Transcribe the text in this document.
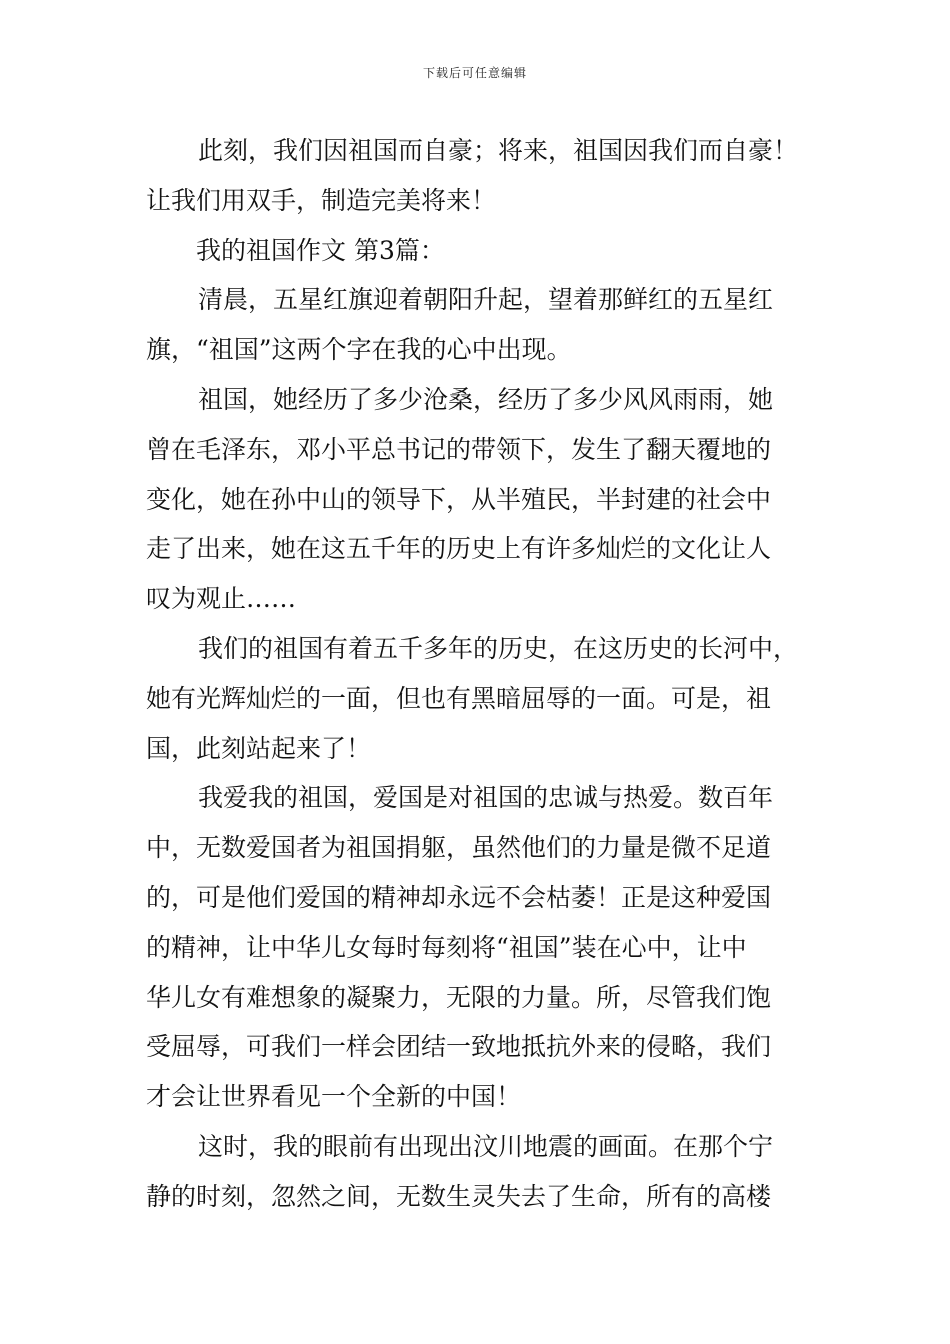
下载后可任意编辑
此刻，我们因祖国而自豪；将来，祖国因我们而自豪！
让我们用双手，制造完美将来！
我的祖国作文 第3篇：
清晨，五星红旗迎着朝阳升起，望着那鲜红的五星红
旗，“祖国”这两个字在我的心中出现。
祖国，她经历了多少沧桑，经历了多少风风雨雨，她
曾在毛泽东，邓小平总书记的带领下，发生了翻天覆地的
变化，她在孙中山的领导下，从半殖民，半封建的社会中
走了出来，她在这五千年的历史上有许多灿烂的文化让人
叹为观止……
我们的祖国有着五千多年的历史，在这历史的长河中，
她有光辉灿烂的一面，但也有黑暗屈辱的一面。可是，祖
国，此刻站起来了！
我爱我的祖国，爱国是对祖国的忠诚与热爱。数百年
中，无数爱国者为祖国捐躯，虽然他们的力量是微不足道
的，可是他们爱国的精神却永远不会枯萎！正是这种爱国
的精神，让中华儿女每时每刻将“祖国”装在心中，让中
华儿女有难想象的凝聚力，无限的力量。所，尽管我们饱
受屈辱，可我们一样会团结一致地抵抗外来的侵略，我们
才会让世界看见一个全新的中国！
这时，我的眼前有出现出汶川地震的画面。在那个宁
静的时刻，忽然之间，无数生灵失去了生命，所有的高楼
